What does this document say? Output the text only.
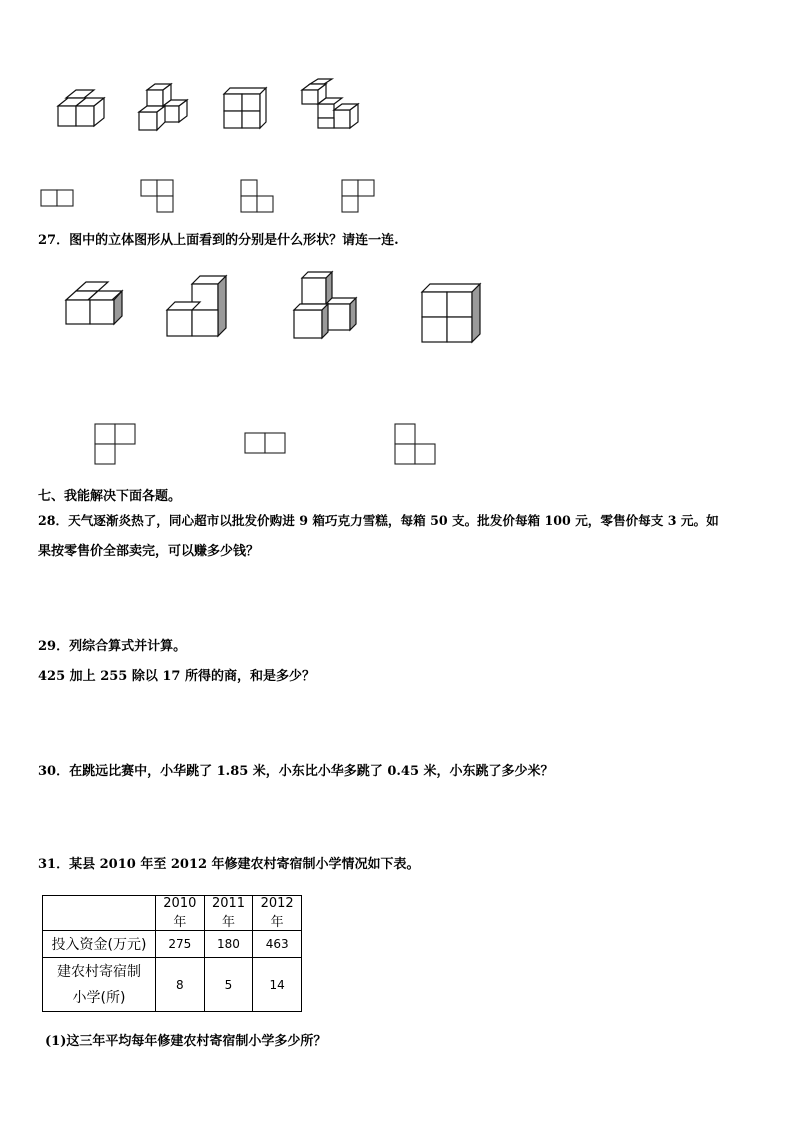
27．图中的立体图形从上面看到的分别是什么形状？请连一连.
七、我能解决下面各题。
28．天气逐渐炎热了，同心超市以批发价购进 9 箱巧克力雪糕，每箱 50 支。批发价每箱 100 元，零售价每支 3 元。如
果按零售价全部卖完，可以赚多少钱？
29．列综合算式并计算。
425 加上 255 除以 17 所得的商，和是多少？
30．在跳远比赛中，小华跳了 1.85 米，小东比小华多跳了 0.45 米，小东跳了多少米？
31．某县 2010 年至 2012 年修建农村寄宿制小学情况如下表。
	2010 年	2011 年	2012 年
投入资金(万元)	275	180	463

建农村寄宿制
小学(所)	8	5	14
(1)这三年平均每年修建农村寄宿制小学多少所？
